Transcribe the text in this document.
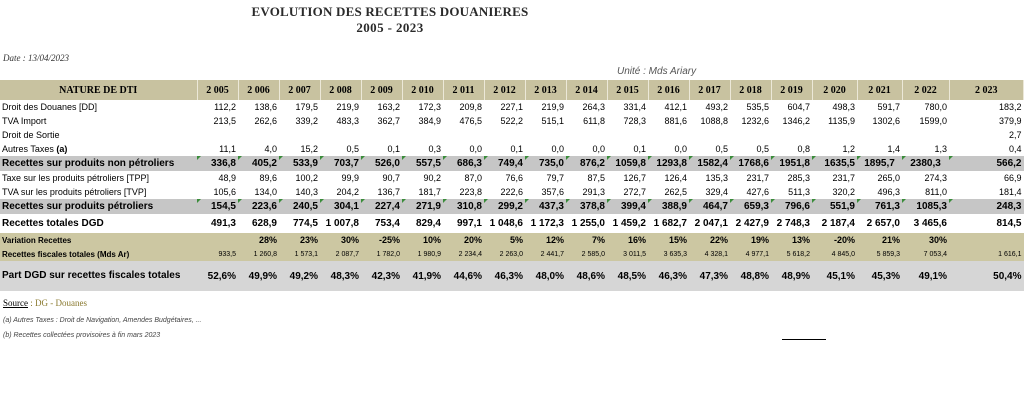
EVOLUTION DES RECETTES DOUANIERES
2005 - 2023
Date : 13/04/2023
Unité : Mds Ariary
NATURE DE DTI	2 005	2 006	2 007	2 008	2 009	2 010	2 011	2 012	2 013	2 014	2 015	2 016	2 017	2 018	2 019	2 020	2 021	2 022	2 023
Droit des Douanes [DD]	112,2	138,6	179,5	219,9	163,2	172,3	209,8	227,1	219,9	264,3	331,4	412,1	493,2	535,5	604,7	498,3	591,7	780,0	183,2
TVA Import	213,5	262,6	339,2	483,3	362,7	384,9	476,5	522,2	515,1	611,8	728,3	881,6	1088,8	1232,6	1346,2	1135,9	1302,6	1599,0	379,9
Droit de Sortie																			2,7
Autres Taxes (a)	11,1	4,0	15,2	0,5	0,1	0,3	0,0	0,1	0,0	0,0	0,1	0,0	0,5	0,5	0,8	1,2	1,4	1,3	0,4
Recettes sur produits non pétroliers	336,8	405,2	533,9	703,7	526,0	557,5	686,3	749,4	735,0	876,2	1059,8	1293,8	1582,4	1768,6	1951,8	1635,5	1895,7	2380,3	566,2
Taxe sur les produits pétroliers [TPP]	48,9	89,6	100,2	99,9	90,7	90,2	87,0	76,6	79,7	87,5	126,7	126,4	135,3	231,7	285,3	231,7	265,0	274,3	66,9
TVA sur les produits pétroliers [TVP]	105,6	134,0	140,3	204,2	136,7	181,7	223,8	222,6	357,6	291,3	272,7	262,5	329,4	427,6	511,3	320,2	496,3	811,0	181,4
Recettes sur produits pétroliers	154,5	223,6	240,5	304,1	227,4	271,9	310,8	299,2	437,3	378,8	399,4	388,9	464,7	659,3	796,6	551,9	761,3	1085,3	248,3
Recettes totales DGD	491,3	628,9	774,5	1 007,8	753,4	829,4	997,1	1 048,6	1 172,3	1 255,0	1 459,2	1 682,7	2 047,1	2 427,9	2 748,3	2 187,4	2 657,0	3 465,6	814,5
Variation Recettes		28%	23%	30%	-25%	10%	20%	5%	12%	7%	16%	15%	22%	19%	13%	-20%	21%	30%	
Recettes fiscales totales (Mds Ar)	933,5	1 260,8	1 573,1	2 087,7	1 782,0	1 980,9	2 234,4	2 263,0	2 441,7	2 585,0	3 011,5	3 635,3	4 328,1	4 977,1	5 618,2	4 845,0	5 859,3	7 053,4	1 616,1
Part DGD sur recettes fiscales totales	52,6%	49,9%	49,2%	48,3%	42,3%	41,9%	44,6%	46,3%	48,0%	48,6%	48,5%	46,3%	47,3%	48,8%	48,9%	45,1%	45,3%	49,1%	50,4%
Source : DG - Douanes
(a) Autres Taxes : Droit de Navigation, Amendes Budgétaires, ...
(b) Recettes collectées provisoires à fin mars 2023
